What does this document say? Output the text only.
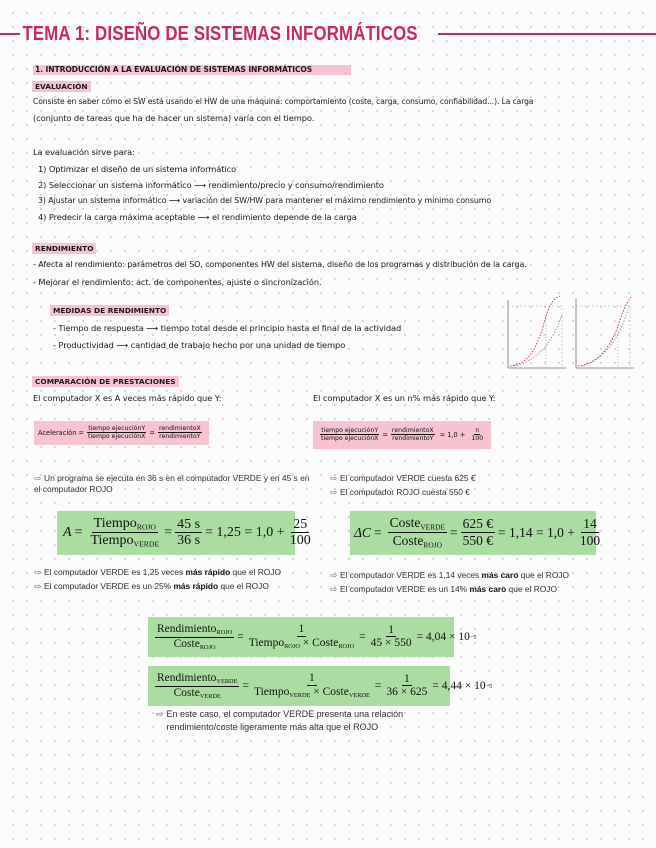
TEMA 1: DISEÑO DE SISTEMAS INFORMÁTICOS
1. INTRODUCCIÓN A LA EVALUACIÓN DE SISTEMAS INFORMÁTICOS
EVALUACIÓN
Consiste en saber cómo el SW está usando el HW de una máquina: comportamiento (coste, carga, consumo, confiabilidad...). La carga
(conjunto de tareas que ha de hacer un sistema) varía con el tiempo.
La evaluación sirve para:
1) Optimizar el diseño de un sistema informático
2) Seleccionar un sistema informático ⟶ rendimiento/precio y consumo/rendimiento
3) Ajustar un sistema informático ⟶ variación del SW/HW para mantener el máximo rendimiento y mínimo consumo
4) Predecir la carga máxima aceptable ⟶ el rendimiento depende de la carga
RENDIMIENTO
- Afecta al rendimiento: parámetros del SO, componentes HW del sistema, diseño de los programas y distribución de la carga.
- Mejorar el rendimiento: act. de componentes, ajuste o sincronización.
MEDIDAS DE RENDIMIENTO
- Tiempo de respuesta ⟶ tiempo total desde el principio hasta el final de la actividad
- Productividad ⟶ cantidad de trabajo hecho por una unidad de tiempo
COMPARACIÓN DE PRESTACIONES
El computador X es A veces más rápido que Y:	El computador X es un n% más rápido que Y:
Aceleración = $\frac{\text{tiempo ejecuciónY}}{\text{tiempo ejecuciónX}} = \frac{\text{rendimientoX}}{\text{rendimientoY}}$	$\frac{\text{tiempo ejecuciónY}}{\text{tiempo ejecuciónX}} = \frac{\text{rendimientoX}}{\text{rendimientoY}} = 1,0 + \frac{n}{100}$
⇨ Un programa se ejecuta en 36 s en el computador VERDE y en 45 s en el computador ROJO
⇨ El computador VERDE cuesta 625 €
⇨ El computador ROJO cuesta 550 €
$A = \frac{Tiempo_{ROJO}}{Tiempo_{VERDE}} = \frac{45 s}{36 s} = 1,25 = 1,0 + \frac{25}{100}$	$\Delta C = \frac{Coste_{VERDE}}{Coste_{ROJO}} = \frac{625 €}{550 €} = 1,14 = 1,0 + \frac{14}{100}$
⇨ El computador VERDE es 1,25 veces más rápido que el ROJO
⇨ El computador VERDE es un 25% más rápido que el ROJO
⇨ El computador VERDE es 1,14 veces más caro que el ROJO
⇨ El computador VERDE es un 14% más caro que el ROJO
$\frac{Rendimiento_{ROJO}}{Coste_{ROJO}} = \frac{1}{Tiempo_{ROJO} \times Coste_{ROJO}} = \frac{1}{45 \times 550} = 4,04 \times 10 -5$
$\frac{Rendimiento_{VERDE}}{Coste_{VERDE}} = \frac{1}{Tiempo_{VERDE} \times Coste_{VERDE}} = \frac{1}{36 \times 625} = 4,44 \times 10 -5$
⇨ En este caso, el computador VERDE presenta una relación rendimiento/coste ligeramente más alta que el ROJO
